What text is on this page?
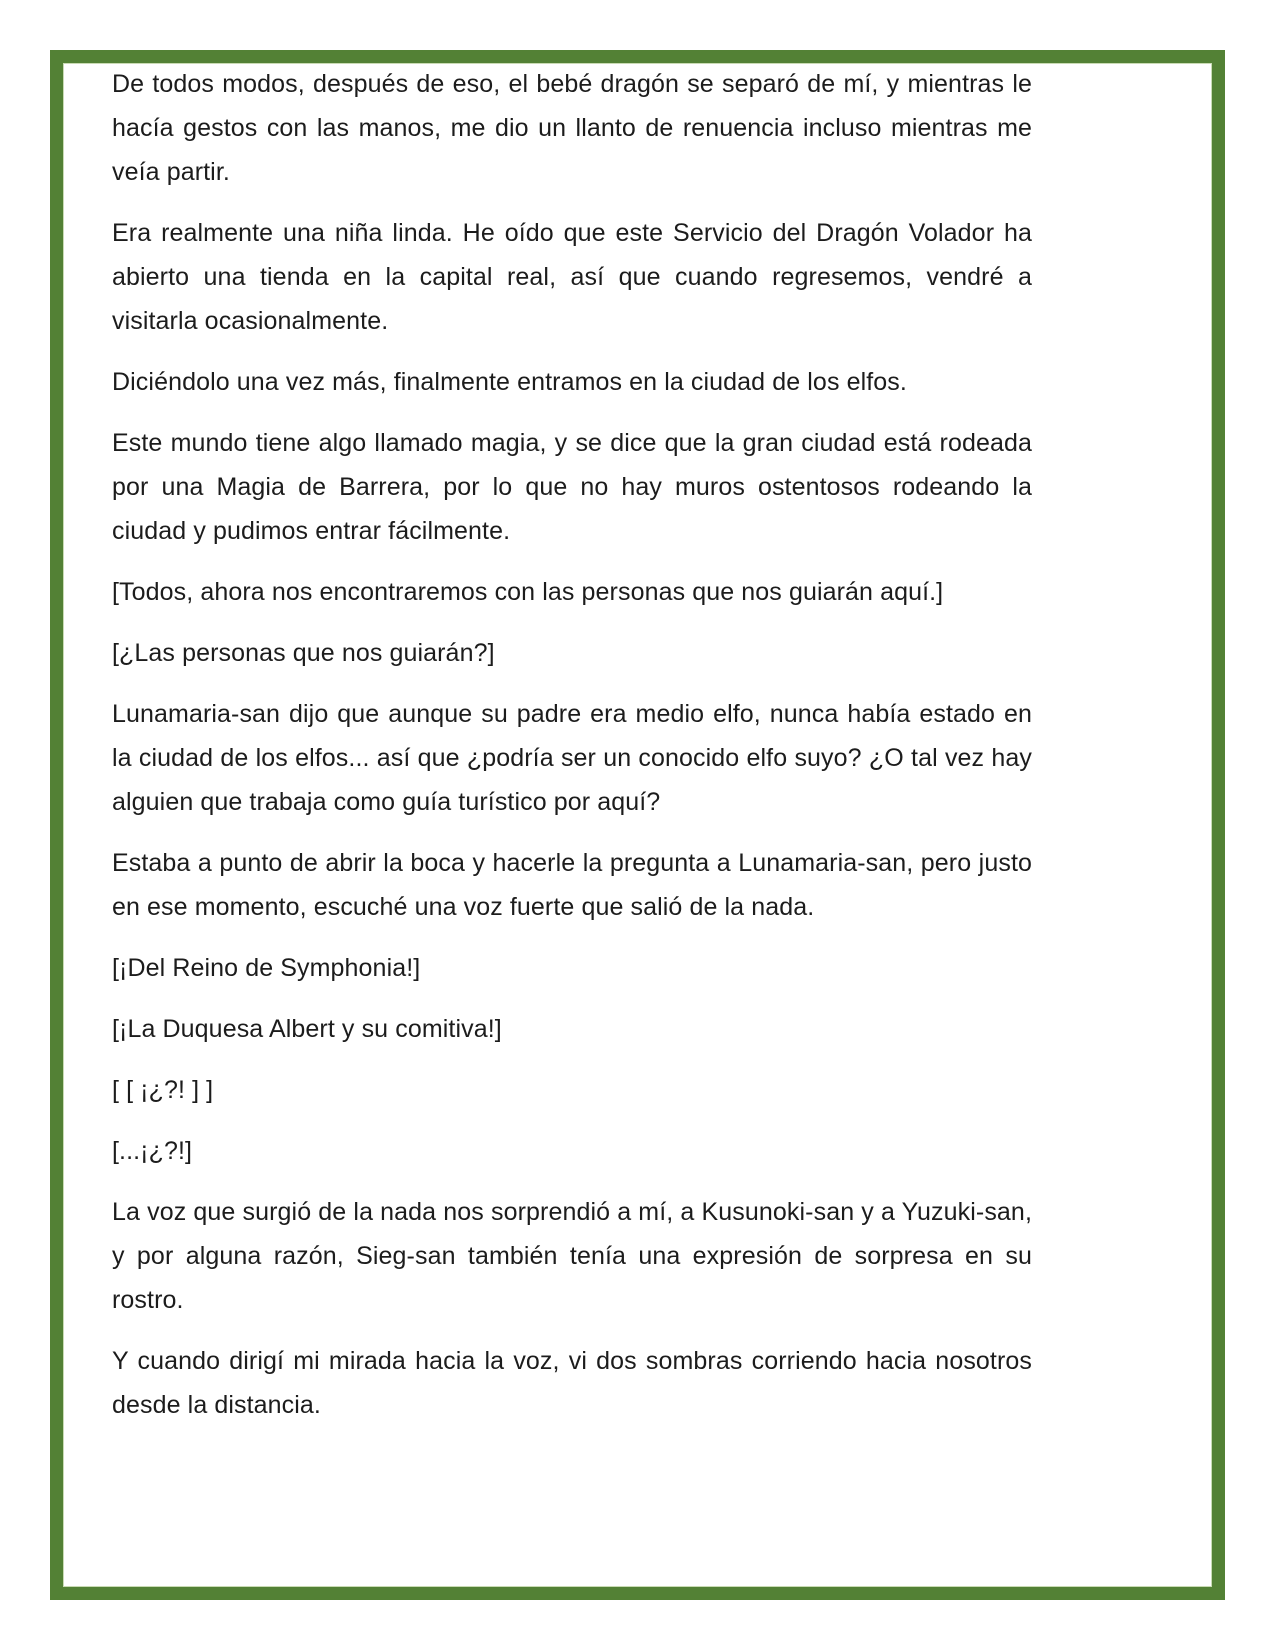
De todos modos, después de eso, el bebé dragón se separó de mí, y mientras le hacía gestos con las manos, me dio un llanto de renuencia incluso mientras me veía partir.

Era realmente una niña linda. He oído que este Servicio del Dragón Volador ha abierto una tienda en la capital real, así que cuando regresemos, vendré a visitarla ocasionalmente.

Diciéndolo una vez más, finalmente entramos en la ciudad de los elfos.

Este mundo tiene algo llamado magia, y se dice que la gran ciudad está rodeada por una Magia de Barrera, por lo que no hay muros ostentosos rodeando la ciudad y pudimos entrar fácilmente.

[Todos, ahora nos encontraremos con las personas que nos guiarán aquí.]

[¿Las personas que nos guiarán?]

Lunamaria-san dijo que aunque su padre era medio elfo, nunca había estado en la ciudad de los elfos... así que ¿podría ser un conocido elfo suyo? ¿O tal vez hay alguien que trabaja como guía turístico por aquí?

Estaba a punto de abrir la boca y hacerle la pregunta a Lunamaria-san, pero justo en ese momento, escuché una voz fuerte que salió de la nada.

[¡Del Reino de Symphonia!]

[¡La Duquesa Albert y su comitiva!]

[ [ ¡¿?! ] ]

[...¡¿?!]

La voz que surgió de la nada nos sorprendió a mí, a Kusunoki-san y a Yuzuki-san, y por alguna razón, Sieg-san también tenía una expresión de sorpresa en su rostro.

Y cuando dirigí mi mirada hacia la voz, vi dos sombras corriendo hacia nosotros desde la distancia.
